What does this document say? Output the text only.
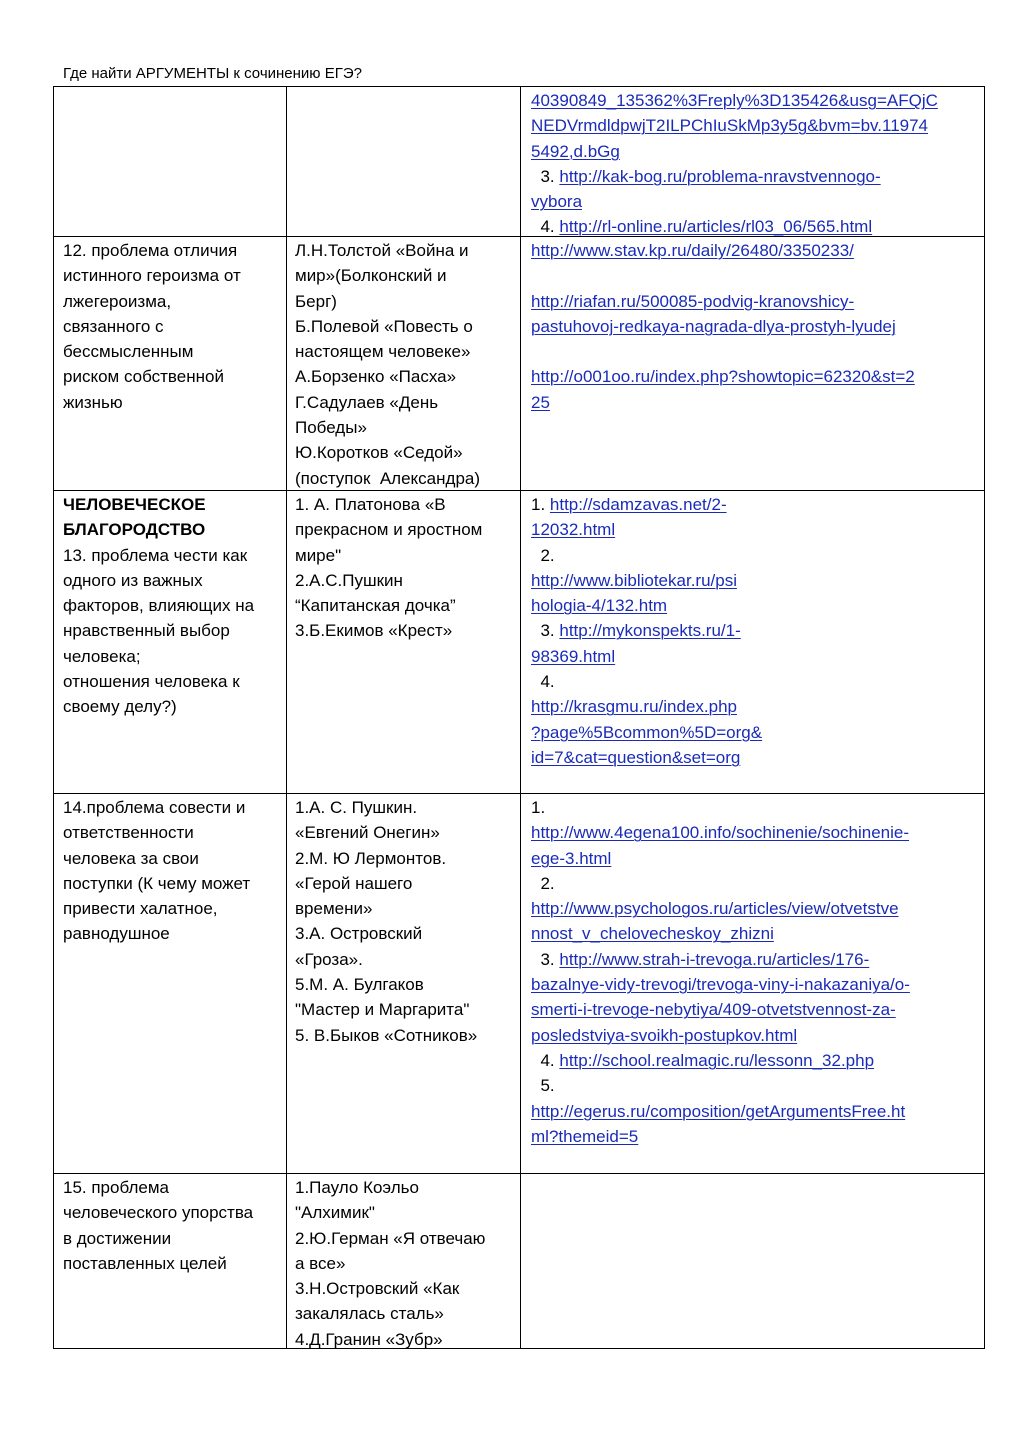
Где найти АРГУМЕНТЫ к сочинению ЕГЭ?
40390849_135362%3Freply%3D135426&usg=AFQjC
NEDVrmdldpwjT2ILPChIuSkMp3y5g&bvm=bv.11974
5492,d.bGg
3. http://kak-bog.ru/problema-nravstvennogo-
vybora
4. http://rl-online.ru/articles/rl03_06/565.html
12. проблема отличия
истинного героизма от
лжегероизма,
связанного с
бессмысленным
риском собственной
жизнью
Л.Н.Толстой «Война и
мир»(Болконский и
Берг)
Б.Полевой «Повесть о
настоящем человеке»
А.Борзенко «Пасха»
Г.Садулаев «День
Победы»
Ю.Коротков «Седой»
(поступок  Александра)
http://www.stav.kp.ru/daily/26480/3350233/
http://riafan.ru/500085-podvig-kranovshicy-
pastuhovoj-redkaya-nagrada-dlya-prostyh-lyudej
http://o001oo.ru/index.php?showtopic=62320&st=2
25
ЧЕЛОВЕЧЕСКОЕ
БЛАГОРОДСТВО
13. проблема чести как
одного из важных
факторов, влияющих на
нравственный выбор
человека;
отношения человека к
своему делу?)
1. А. Платонова «В
прекрасном и яростном
мире"
2.А.С.Пушкин
“Капитанская дочка”
3.Б.Екимов «Крест»
1. http://sdamzavas.net/2-
12032.html
2.
http://www.bibliotekar.ru/psi
hologia-4/132.htm
3. http://mykonspekts.ru/1-
98369.html
4.
http://krasgmu.ru/index.php
?page%5Bcommon%5D=org&
id=7&cat=question&set=org
14.проблема совести и
ответственности
человека за свои
поступки (К чему может
привести халатное,
равнодушное
1.А. С. Пушкин.
«Евгений Онегин»
2.М. Ю Лермонтов.
«Герой нашего
времени»
3.А. Островский
«Гроза».
5.М. А. Булгаков
"Мастер и Маргарита"
5. В.Быков «Сотников»
1.
http://www.4egena100.info/sochinenie/sochinenie-
ege-3.html
2.
http://www.psychologos.ru/articles/view/otvetstve
nnost_v_chelovecheskoy_zhizni
3. http://www.strah-i-trevoga.ru/articles/176-
bazalnye-vidy-trevogi/trevoga-viny-i-nakazaniya/o-
smerti-i-trevoge-nebytiya/409-otvetstvennost-za-
posledstviya-svoikh-postupkov.html
4. http://school.realmagic.ru/lessonn_32.php
5.
http://egerus.ru/composition/getArgumentsFree.ht
ml?themeid=5
15. проблема
человеческого упорства
в достижении
поставленных целей
1.Пауло Коэльо
"Алхимик"
2.Ю.Герман «Я отвечаю
а все»
3.Н.Островский «Как
закалялась сталь»
4.Д.Гранин «Зубр»
